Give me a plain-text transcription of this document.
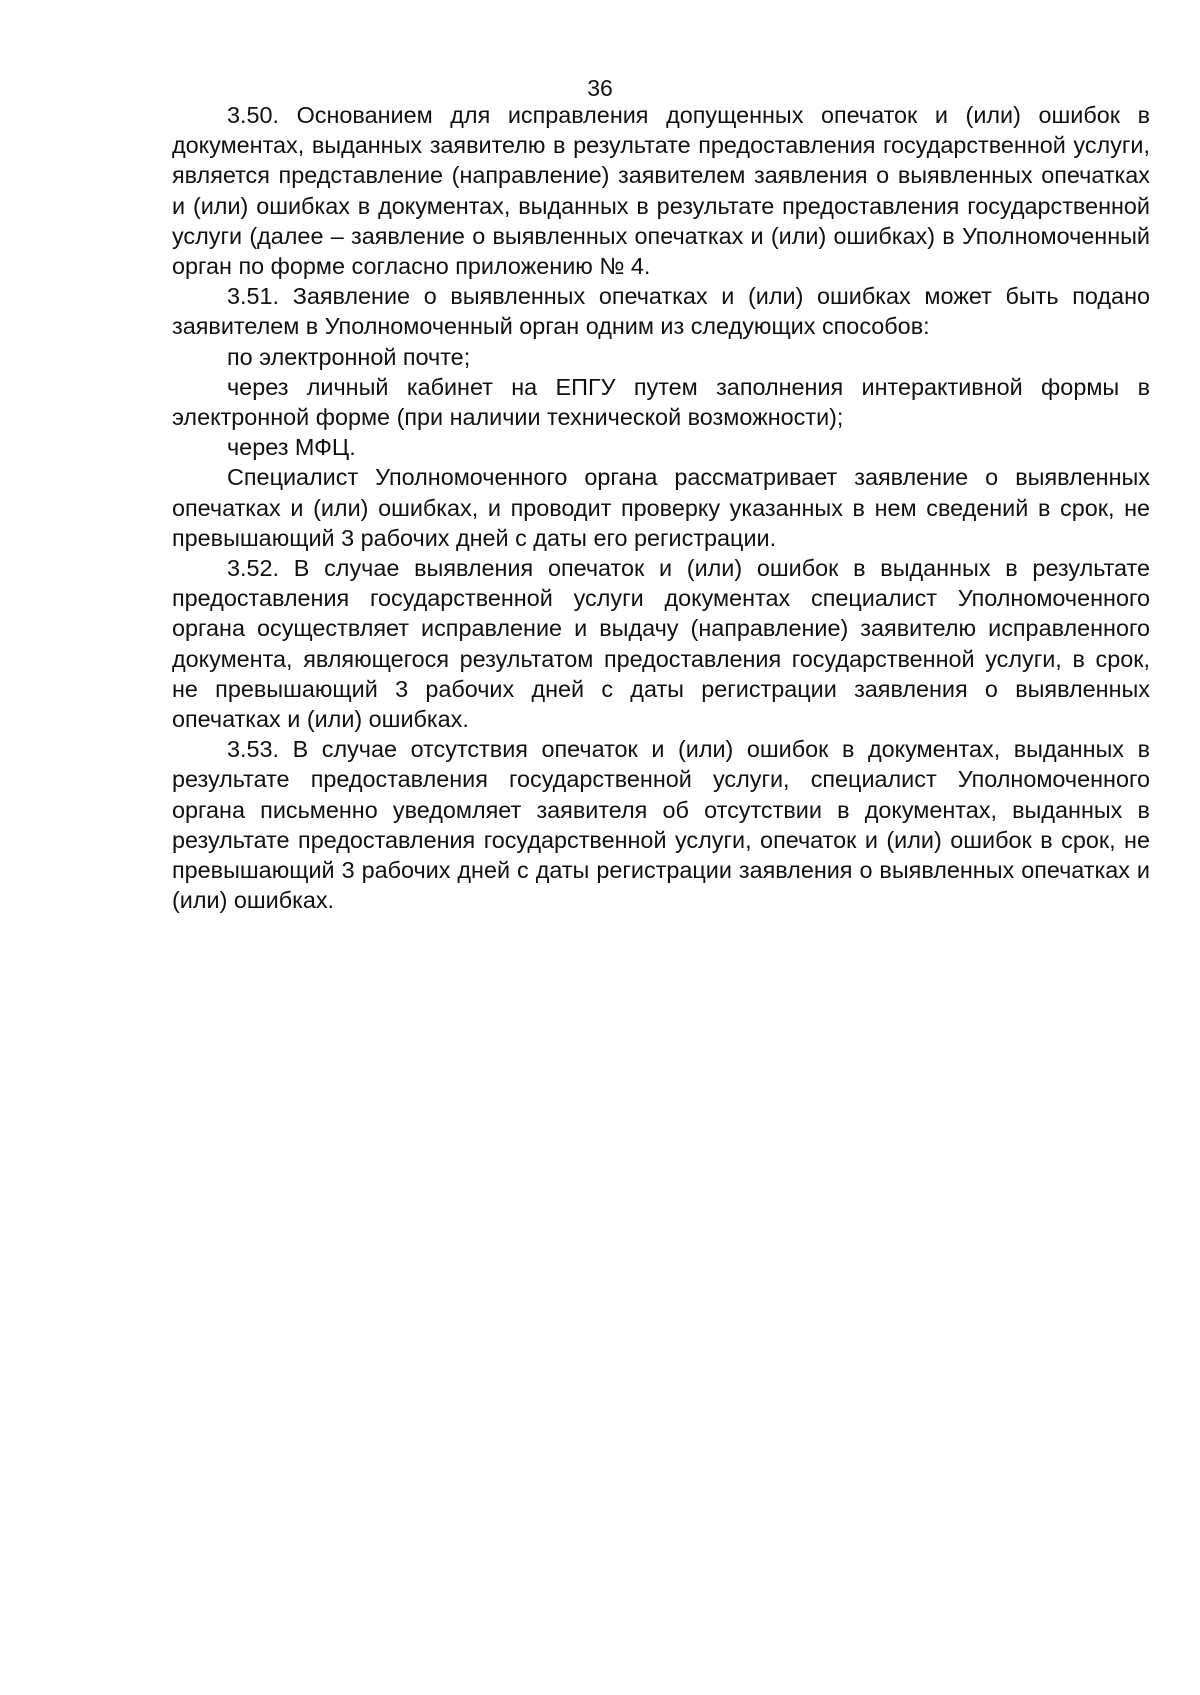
36

3.50. Основанием для исправления допущенных опечаток и (или) ошибок в документах, выданных заявителю в результате предоставления государственной услуги, является представление (направление) заявителем заявления о выявленных опечатках и (или) ошибках в документах, выданных в результате предоставления государственной услуги (далее – заявление о выявленных опечатках и (или) ошибках) в Уполномоченный орган по форме согласно приложению № 4.

3.51. Заявление о выявленных опечатках и (или) ошибках может быть подано заявителем в Уполномоченный орган одним из следующих способов:

по электронной почте;

через личный кабинет на ЕПГУ путем заполнения интерактивной формы в электронной форме (при наличии технической возможности);

через МФЦ.

Специалист Уполномоченного органа рассматривает заявление о выявленных опечатках и (или) ошибках, и проводит проверку указанных в нем сведений в срок, не превышающий 3 рабочих дней с даты его регистрации.

3.52. В случае выявления опечаток и (или) ошибок в выданных в результате предоставления государственной услуги документах специалист Уполномоченного органа осуществляет исправление и выдачу (направление) заявителю исправленного документа, являющегося результатом предоставления государственной услуги, в срок, не превышающий 3 рабочих дней с даты регистрации заявления о выявленных опечатках и (или) ошибках.

3.53. В случае отсутствия опечаток и (или) ошибок в документах, выданных в результате предоставления государственной услуги, специалист Уполномоченного органа письменно уведомляет заявителя об отсутствии в документах, выданных в результате предоставления государственной услуги, опечаток и (или) ошибок в срок, не превышающий 3 рабочих дней с даты регистрации заявления о выявленных опечатках и (или) ошибках.
